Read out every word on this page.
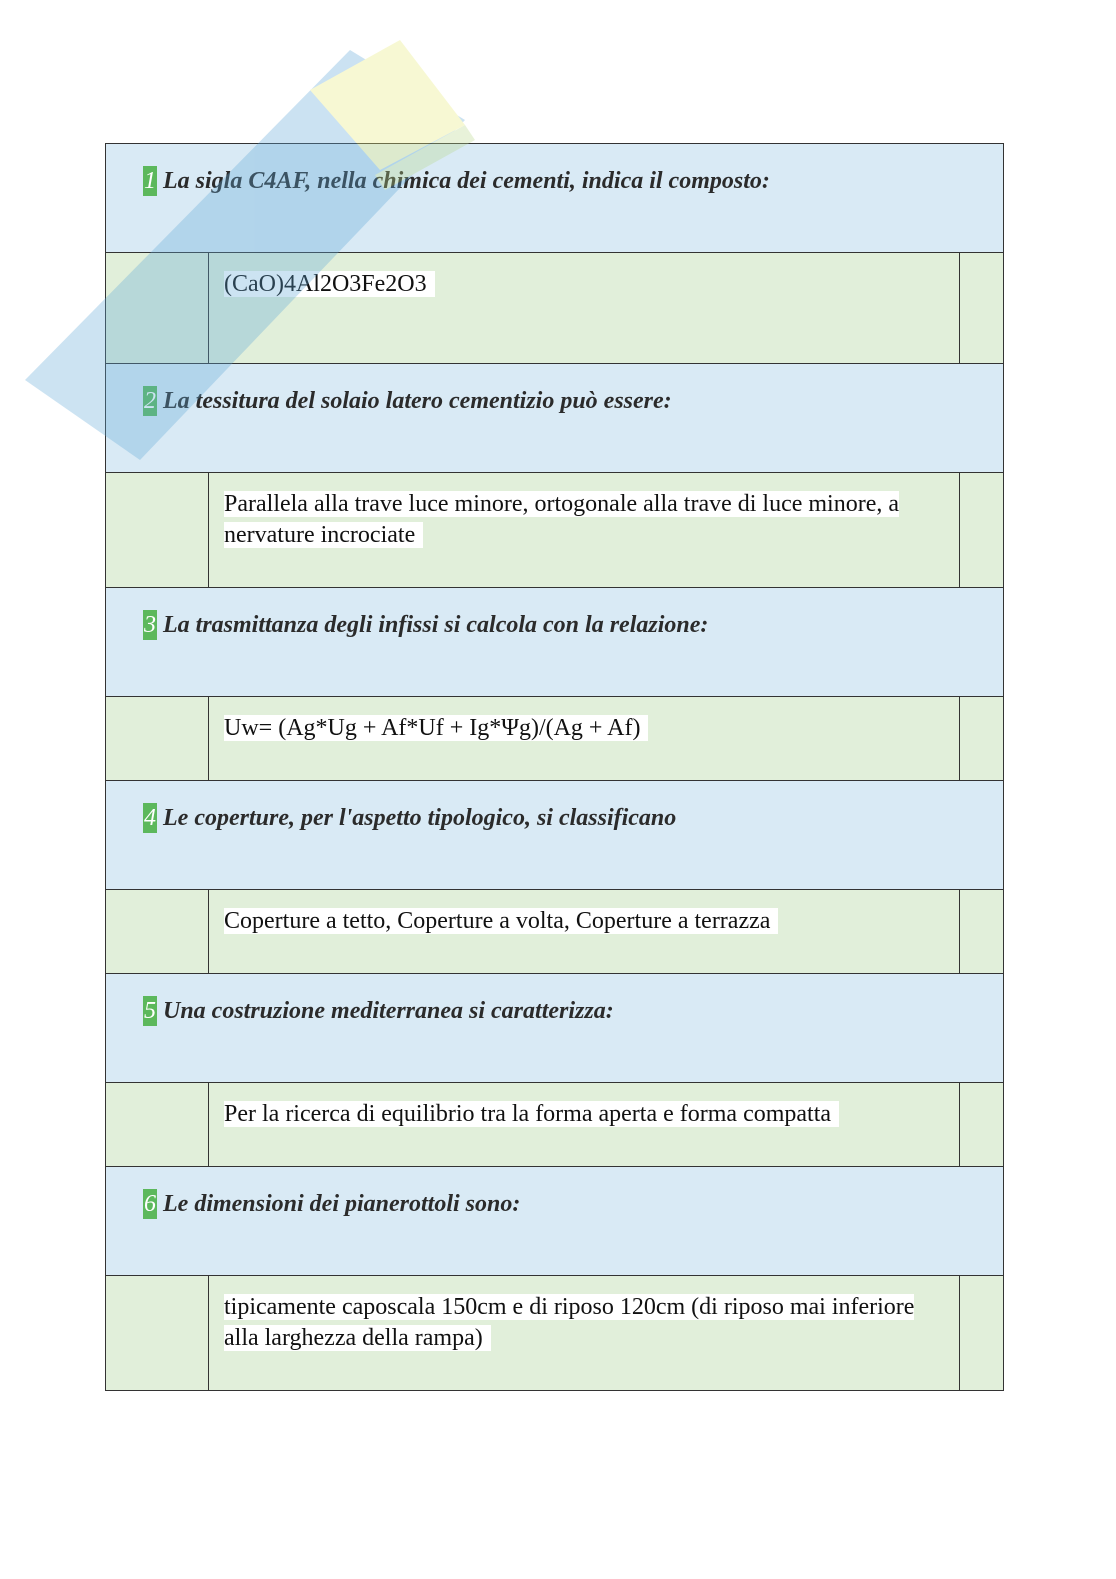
1 La sigla C4AF, nella chimica dei cementi, indica il composto:
(CaO)4Al2O3Fe2O3
2 La tessitura del solaio latero cementizio può essere:
Parallela alla trave luce minore, ortogonale alla trave di luce minore, a nervature incrociate
3 La trasmittanza degli infissi si calcola con la relazione:
Uw= (Ag*Ug + Af*Uf + Ig*Ψg)/(Ag + Af)
4 Le coperture, per l'aspetto tipologico, si classificano
Coperture a tetto, Coperture a volta, Coperture a terrazza
5 Una costruzione mediterranea si caratterizza:
Per la ricerca di equilibrio tra la forma aperta e forma compatta
6 Le dimensioni dei pianerottoli sono:
tipicamente caposcala 150cm e di riposo 120cm (di riposo mai inferiore alla larghezza della rampa)
